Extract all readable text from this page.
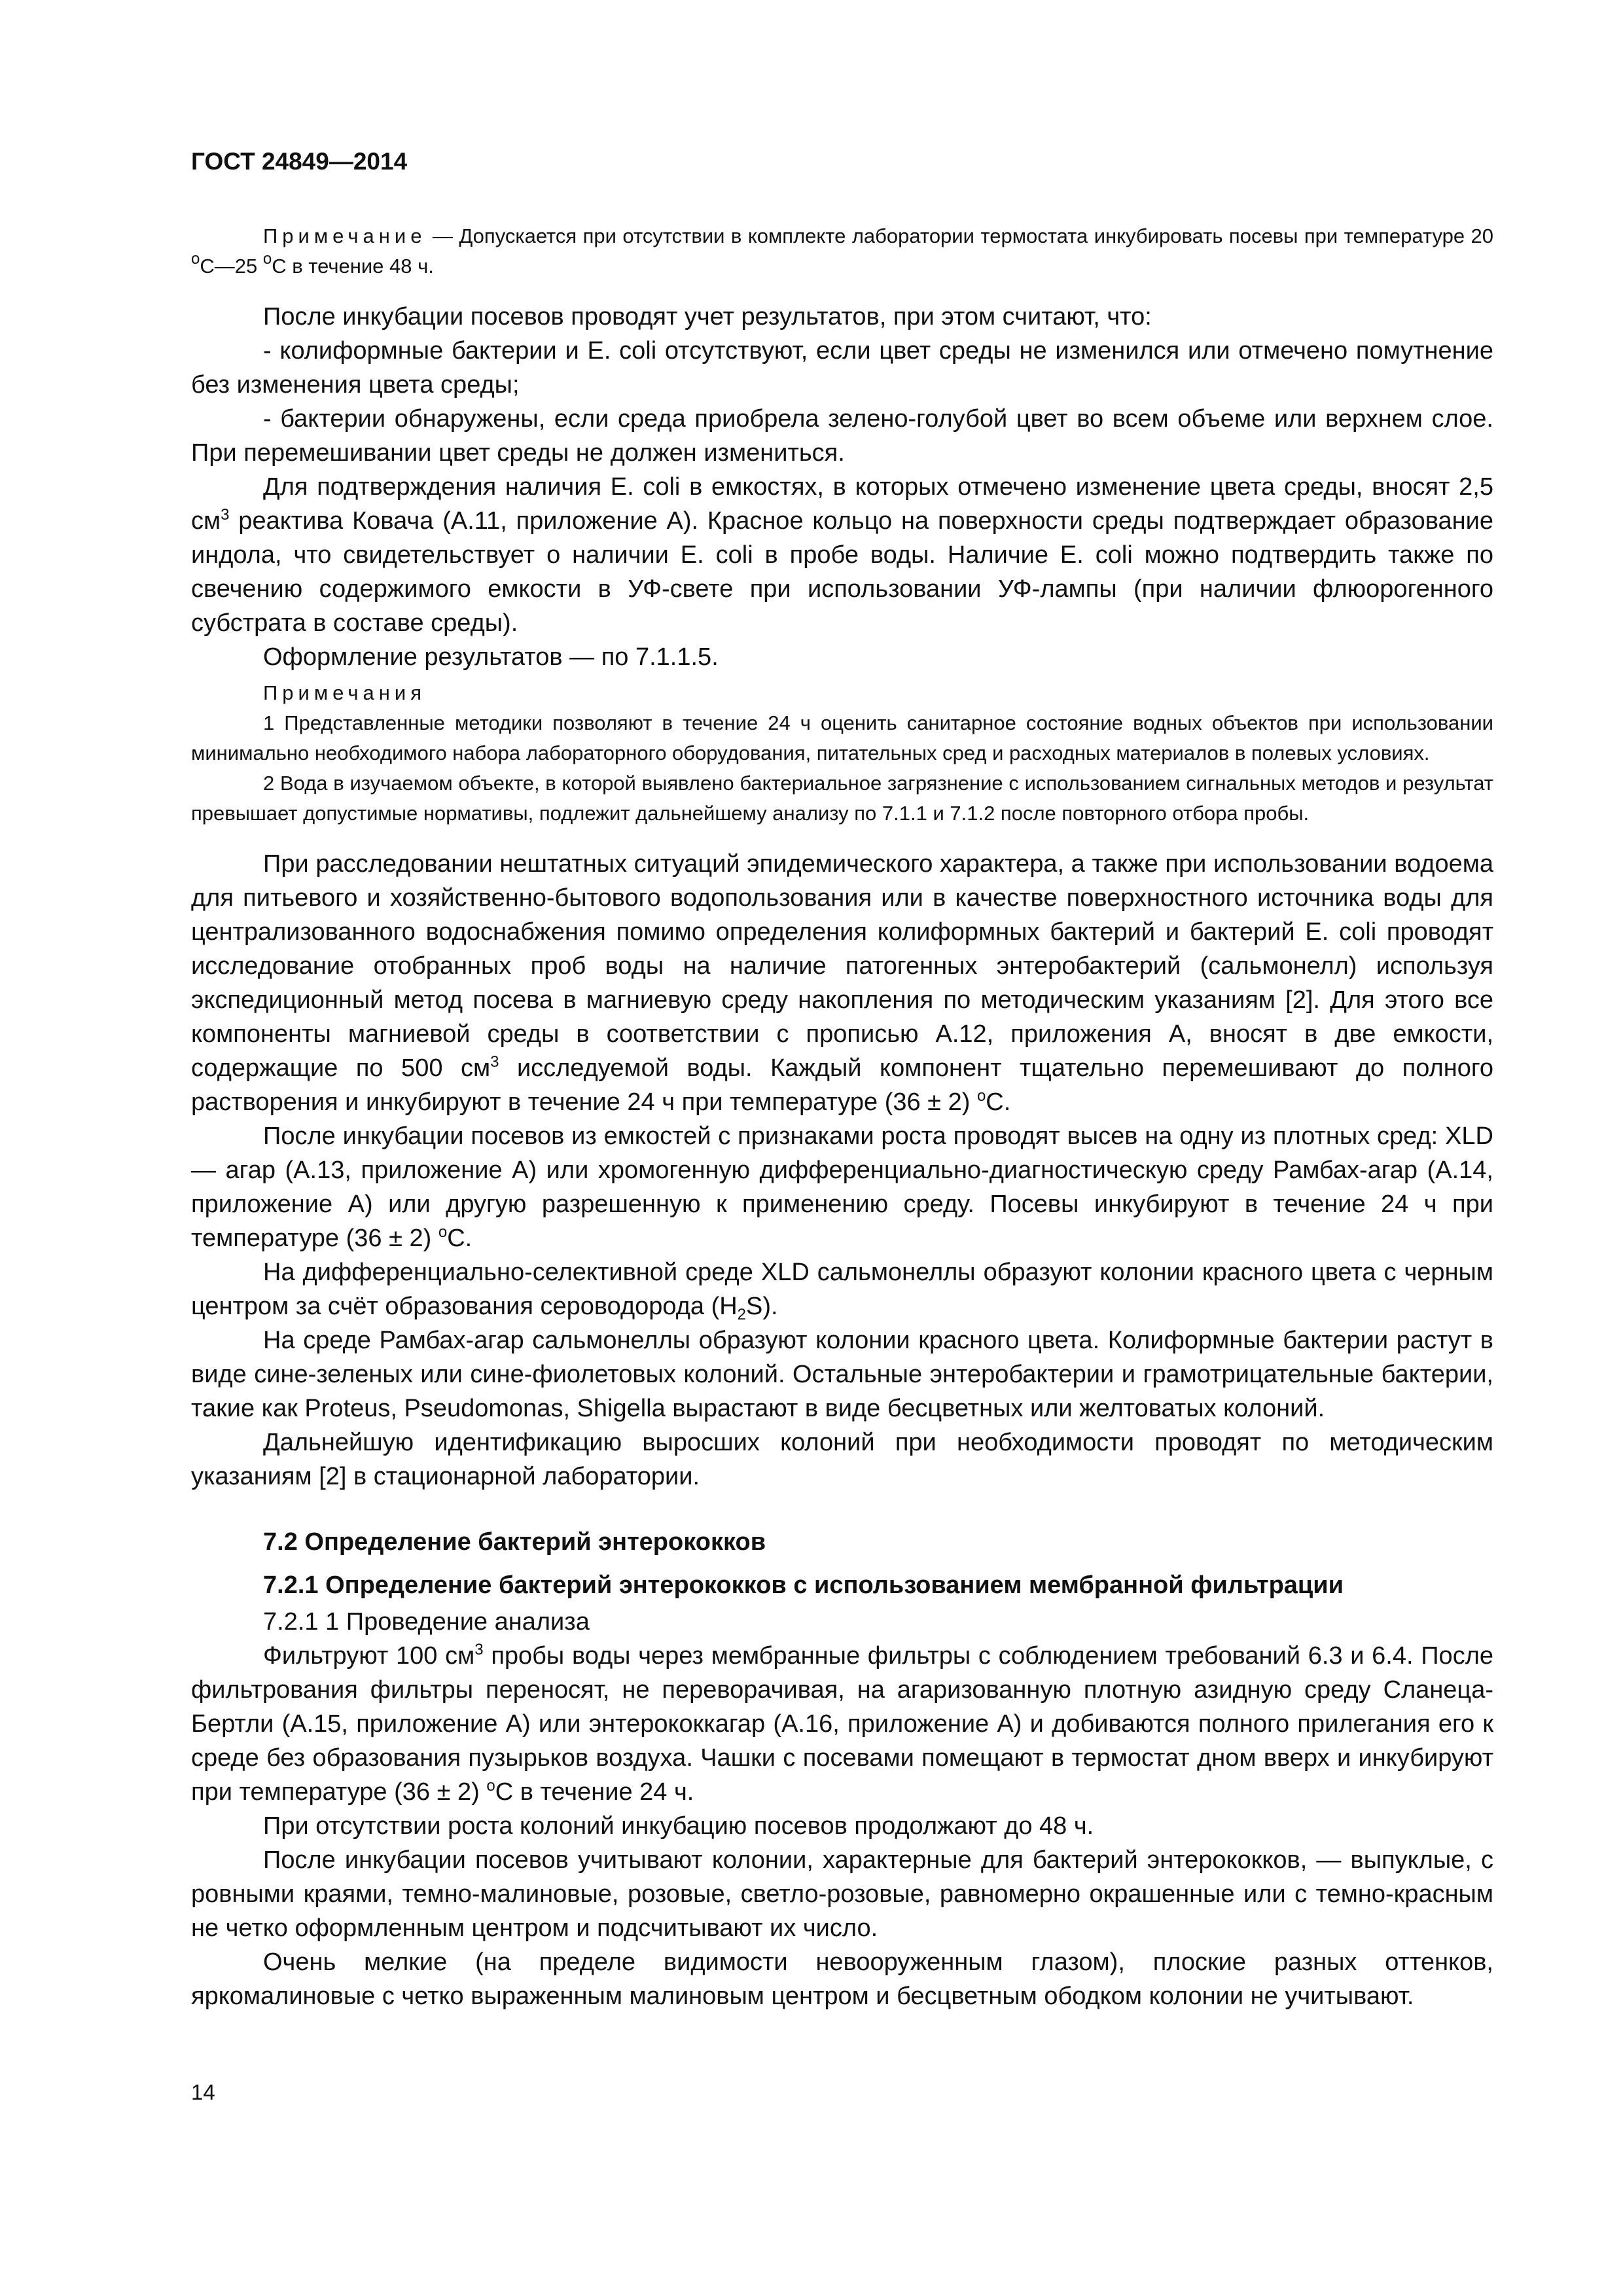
ГОСТ 24849—2014

Примечание — Допускается при отсутствии в комплекте лаборатории термостата инкубировать посевы при температуре 20 $^о$С—25 $^о$С в течение 48 ч.

После инкубации посевов проводят учет результатов, при этом считают, что:

- колиформные бактерии и E. coli отсутствуют, если цвет среды не изменился или отмечено помутнение без изменения цвета среды;

- бактерии обнаружены, если среда приобрела зелено-голубой цвет во всем объеме или верхнем слое. При перемешивании цвет среды не должен измениться.

Для подтверждения наличия E. coli в емкостях, в которых отмечено изменение цвета среды, вносят 2,5 $см^3$ реактива Ковача (А.11, приложение А). Красное кольцо на поверхности среды подтверждает образование индола, что свидетельствует о наличии E. coli в пробе воды. Наличие E. coli можно подтвердить также по свечению содержимого емкости в УФ-свете при использовании УФ-лампы (при наличии флюорогенного субстрата в составе среды).

Оформление результатов — по 7.1.1.5.

Примечания

1 Представленные методики позволяют в течение 24 ч оценить санитарное состояние водных объектов при использовании минимально необходимого набора лабораторного оборудования, питательных сред и расходных материалов в полевых условиях.

2 Вода в изучаемом объекте, в которой выявлено бактериальное загрязнение с использованием сигнальных методов и результат превышает допустимые нормативы, подлежит дальнейшему анализу по 7.1.1 и 7.1.2 после повторного отбора пробы.

При расследовании нештатных ситуаций эпидемического характера, а также при использовании водоема для питьевого и хозяйственно-бытового водопользования или в качестве поверхностного источника воды для централизованного водоснабжения помимо определения колиформных бактерий и бактерий E. coli проводят исследование отобранных проб воды на наличие патогенных энтеробактерий (сальмонелл) используя экспедиционный метод посева в магниевую среду накопления по методическим указаниям [2]. Для этого все компоненты магниевой среды в соответствии с прописью А.12, приложения А, вносят в две емкости, содержащие по 500 $см^3$ исследуемой воды. Каждый компонент тщательно перемешивают до полного растворения и инкубируют в течение 24 ч при температуре (36 ± 2) $^о$С.

После инкубации посевов из емкостей с признаками роста проводят высев на одну из плотных сред: XLD — агар (А.13, приложение А) или хромогенную дифференциально-диагностическую среду Рамбах-агар (А.14, приложение А) или другую разрешенную к применению среду. Посевы инкубируют в течение 24 ч при температуре (36 ± 2) $^о$С.

На дифференциально-селективной среде XLD сальмонеллы образуют колонии красного цвета с черным центром за счёт образования сероводорода $(H_2S)$.

На среде Рамбах-агар сальмонеллы образуют колонии красного цвета. Колиформные бактерии растут в виде сине-зеленых или сине-фиолетовых колоний. Остальные энтеробактерии и грамотрицательные бактерии, такие как Proteus, Pseudomonas, Shigella вырастают в виде бесцветных или желтоватых колоний.

Дальнейшую идентификацию выросших колоний при необходимости проводят по методическим указаниям [2] в стационарной лаборатории.

7.2 Определение бактерий энтерококков

7.2.1 Определение бактерий энтерококков с использованием мембранной фильтрации

7.2.1 1 Проведение анализа

Фильтруют 100 $см^3$ пробы воды через мембранные фильтры с соблюдением требований 6.3 и 6.4. После фильтрования фильтры переносят, не переворачивая, на агаризованную плотную азидную среду Сланеца-Бертли (А.15, приложение А) или энтерококкагар (А.16, приложение А) и добиваются полного прилегания его к среде без образования пузырьков воздуха. Чашки с посевами помещают в термостат дном вверх и инкубируют при температуре (36 ± 2) $^о$С в течение 24 ч.

При отсутствии роста колоний инкубацию посевов продолжают до 48 ч.

После инкубации посевов учитывают колонии, характерные для бактерий энтерококков, — выпуклые, с ровными краями, темно-малиновые, розовые, светло-розовые, равномерно окрашенные или с темно-красным не четко оформленным центром и подсчитывают их число.

Очень мелкие (на пределе видимости невооруженным глазом), плоские разных оттенков, яркомалиновые с четко выраженным малиновым центром и бесцветным ободком колонии не учитывают.

14
